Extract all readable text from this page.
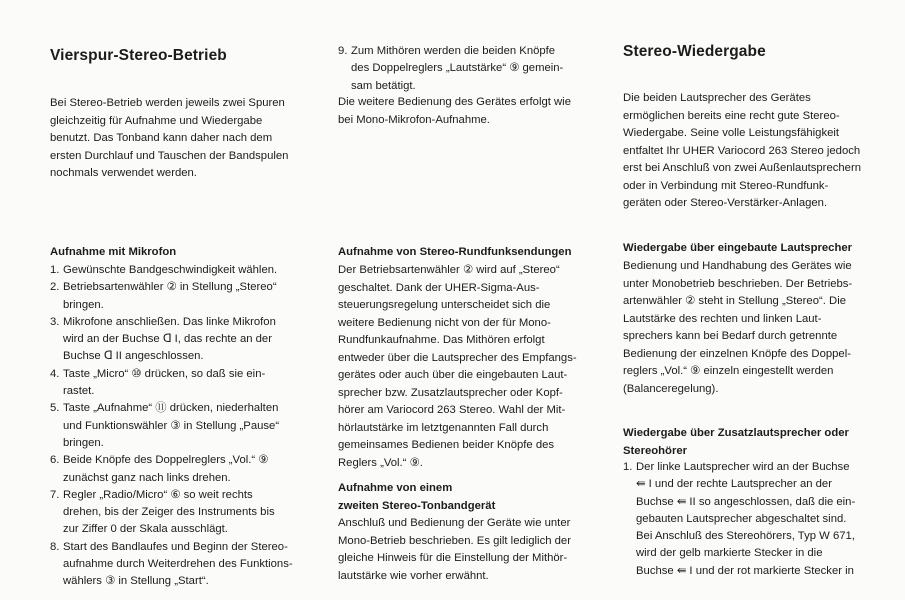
Vierspur-Stereo-Betrieb

Bei Stereo-Betrieb werden jeweils zwei Spuren
gleichzeitig für Aufnahme und Wiedergabe
benutzt. Das Tonband kann daher nach dem
ersten Durchlauf und Tauschen der Bandspulen
nochmals verwendet werden.

Aufnahme mit Mikrofon

1. Gewünschte Bandgeschwindigkeit wählen.
2. Betriebsartenwähler ② in Stellung „Stereo“
bringen.
3. Mikrofone anschließen. Das linke Mikrofon
wird an der Buchse ᗡ I, das rechte an der
Buchse ᗡ II angeschlossen.
4. Taste „Micro“ ⑩ drücken, so daß sie ein-
rastet.
5. Taste „Aufnahme“ ⑪ drücken, niederhalten
und Funktionswähler ③ in Stellung „Pause“
bringen.
6. Beide Knöpfe des Doppelreglers „Vol.“ ⑨
zunächst ganz nach links drehen.
7. Regler „Radio/Micro“ ⑥ so weit rechts
drehen, bis der Zeiger des Instruments bis
zur Ziffer 0 der Skala ausschlägt.
8. Start des Bandlaufes und Beginn der Stereo-
aufnahme durch Weiterdrehen des Funktions-
wählers ③ in Stellung „Start“.
9. Zum Mithören werden die beiden Knöpfe
des Doppelreglers „Lautstärke“ ⑨ gemein-
sam betätigt.

Die weitere Bedienung des Gerätes erfolgt wie
bei Mono-Mikrofon-Aufnahme.

Aufnahme von Stereo-Rundfunksendungen

Der Betriebsartenwähler ② wird auf „Stereo“
geschaltet. Dank der UHER-Sigma-Aus-
steuerungsregelung unterscheidet sich die
weitere Bedienung nicht von der für Mono-
Rundfunkaufnahme. Das Mithören erfolgt
entweder über die Lautsprecher des Empfangs-
gerätes oder auch über die eingebauten Laut-
sprecher bzw. Zusatzlautsprecher oder Kopf-
hörer am Variocord 263 Stereo. Wahl der Mit-
hörlautstärke im letztgenannten Fall durch
gemeinsames Bedienen beider Knöpfe des
Reglers „Vol.“ ⑨.

Aufnahme von einem
zweiten Stereo-Tonbandgerät

Anschluß und Bedienung der Geräte wie unter
Mono-Betrieb beschrieben. Es gilt lediglich der
gleiche Hinweis für die Einstellung der Mithör-
lautstärke wie vorher erwähnt.

Stereo-Wiedergabe

Die beiden Lautsprecher des Gerätes
ermöglichen bereits eine recht gute Stereo-
Wiedergabe. Seine volle Leistungsfähigkeit
entfaltet Ihr UHER Variocord 263 Stereo jedoch
erst bei Anschluß von zwei Außenlautsprechern
oder in Verbindung mit Stereo-Rundfunk-
geräten oder Stereo-Verstärker-Anlagen.

Wiedergabe über eingebaute Lautsprecher

Bedienung und Handhabung des Gerätes wie
unter Monobetrieb beschrieben. Der Betriebs-
artenwähler ② steht in Stellung „Stereo“. Die
Lautstärke des rechten und linken Laut-
sprechers kann bei Bedarf durch getrennte
Bedienung der einzelnen Knöpfe des Doppel-
reglers „Vol.“ ⑨ einzeln eingestellt werden
(Balanceregelung).

Wiedergabe über Zusatzlautsprecher oder
Stereohörer

1. Der linke Lautsprecher wird an der Buchse
⇚ I und der rechte Lautsprecher an der
Buchse ⇚ II so angeschlossen, daß die ein-
gebauten Lautsprecher abgeschaltet sind.
Bei Anschluß des Stereohörers, Typ W 671,
wird der gelb markierte Stecker in die
Buchse ⇚ I und der rot markierte Stecker in
